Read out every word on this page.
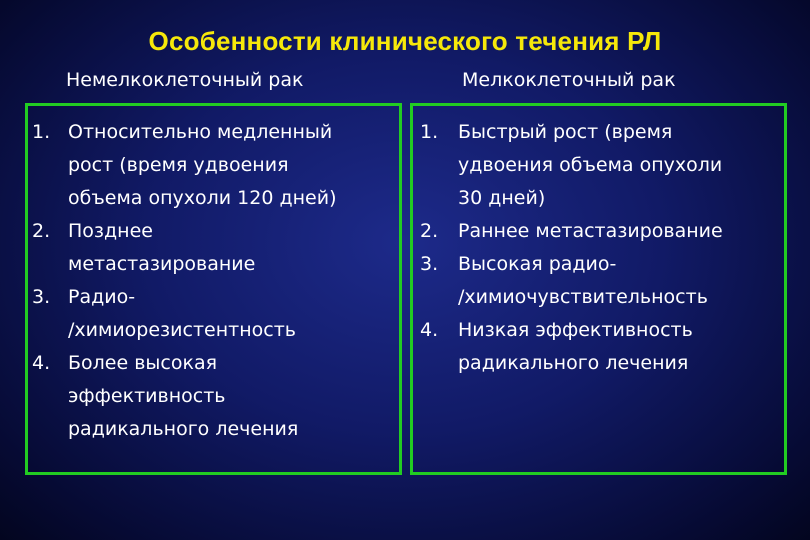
Особенности клинического течения РЛ
Немелкоклеточный рак	Мелкоклеточный рак
1. Относительно медленный
рост (время удвоения
объема опухоли 120 дней)
2. Позднее
метастазирование
3. Радио-
/химиорезистентность
4. Более высокая
эффективность
радикального лечения
1. Быстрый рост (время
удвоения объема опухоли
30 дней)
2. Раннее метастазирование
3. Высокая радио-
/химиочувствительность
4. Низкая эффективность
радикального лечения
